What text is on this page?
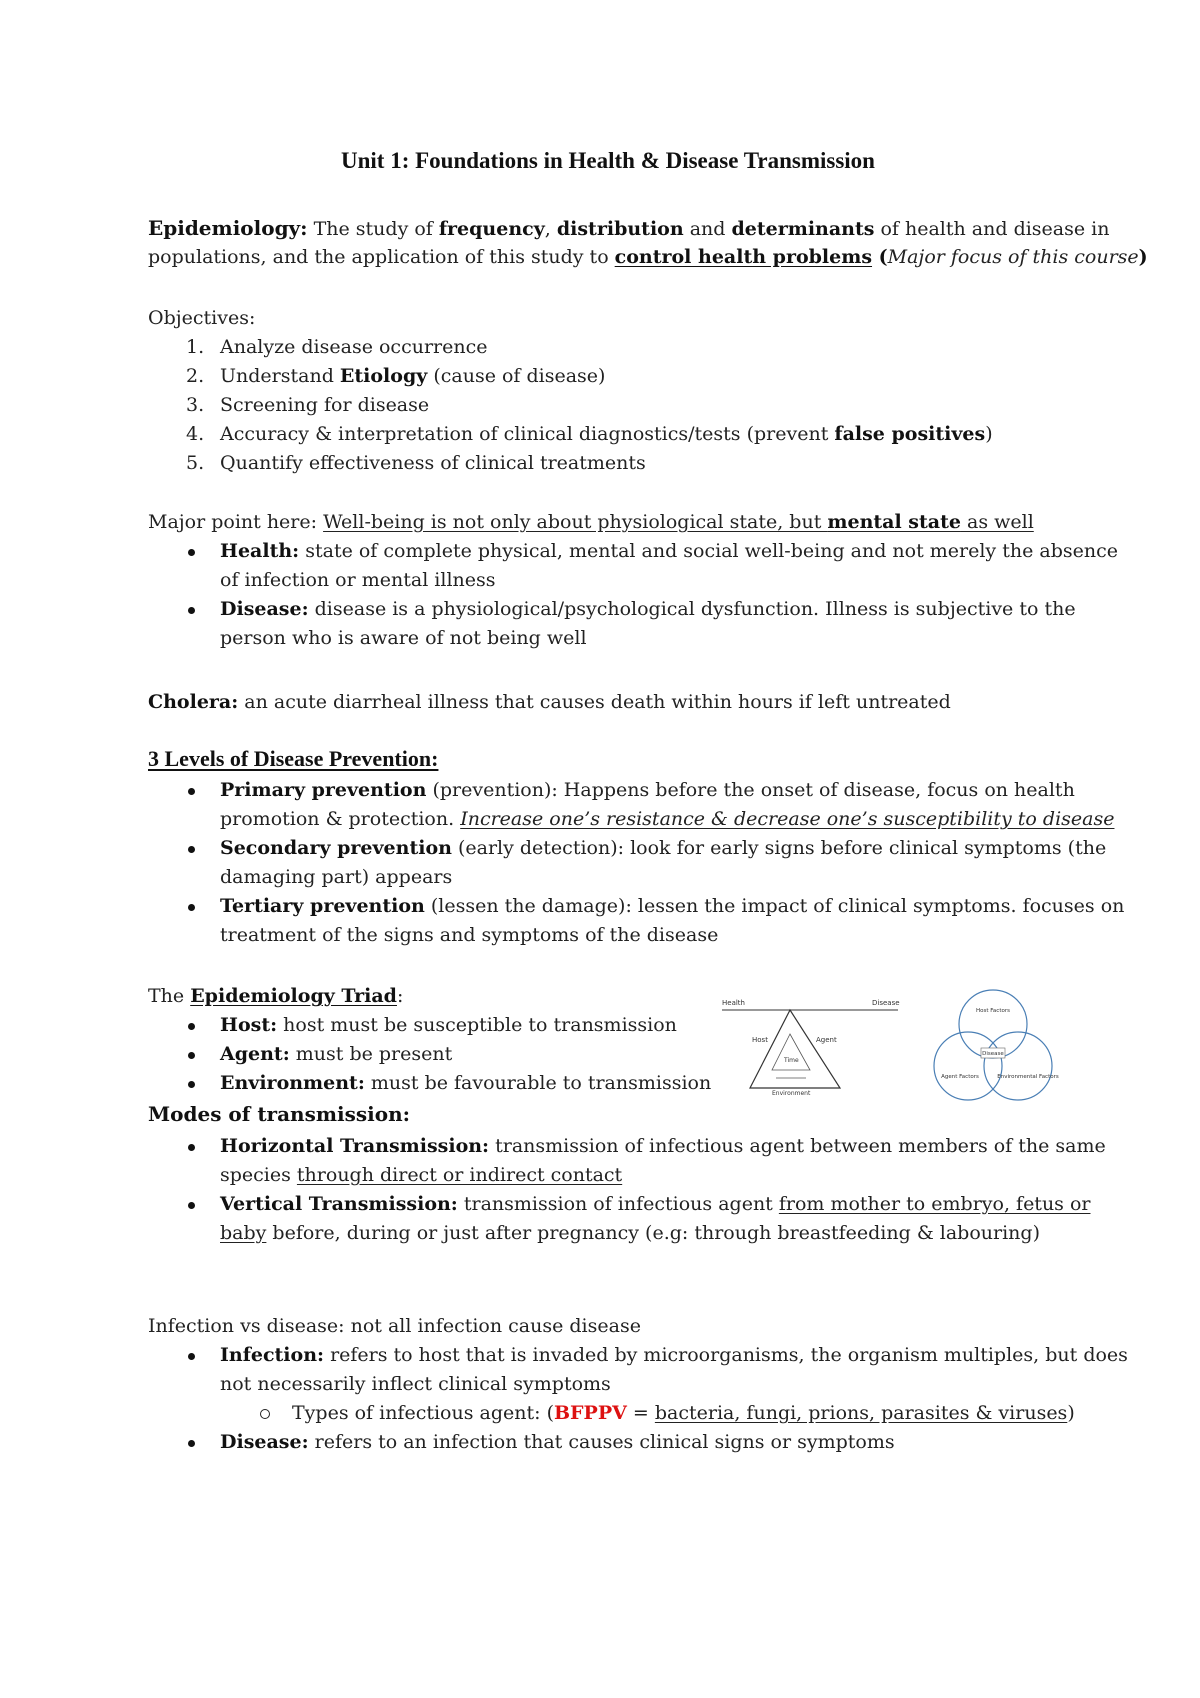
Unit 1: Foundations in Health & Disease Transmission
Epidemiology: The study of frequency, distribution and determinants of health and disease in
populations, and the application of this study to control health problems (Major focus of this course)
Objectives:
1. Analyze disease occurrence
2. Understand Etiology (cause of disease)
3. Screening for disease
4. Accuracy & interpretation of clinical diagnostics/tests (prevent false positives)
5. Quantify effectiveness of clinical treatments
Major point here: Well-being is not only about physiological state, but mental state as well
Health: state of complete physical, mental and social well-being and not merely the absence
of infection or mental illness
Disease: disease is a physiological/psychological dysfunction. Illness is subjective to the
person who is aware of not being well
Cholera: an acute diarrheal illness that causes death within hours if left untreated
3 Levels of Disease Prevention:
Primary prevention (prevention): Happens before the onset of disease, focus on health
promotion & protection. Increase one’s resistance & decrease one’s susceptibility to disease
Secondary prevention (early detection): look for early signs before clinical symptoms (the
damaging part) appears
Tertiary prevention (lessen the damage): lessen the impact of clinical symptoms. focuses on
treatment of the signs and symptoms of the disease
The Epidemiology Triad:
Host: host must be susceptible to transmission
Agent: must be present
Environment: must be favourable to transmission
Health	Disease
Host	Agent
Time
Environment
Host Factors
Agent Factors	Environmental Factors
Disease
Modes of transmission:
Horizontal Transmission: transmission of infectious agent between members of the same
species through direct or indirect contact
Vertical Transmission: transmission of infectious agent from mother to embryo, fetus or
baby before, during or just after pregnancy (e.g: through breastfeeding & labouring)
Infection vs disease: not all infection cause disease
Infection: refers to host that is invaded by microorganisms, the organism multiples, but does
not necessarily inflect clinical symptoms
Types of infectious agent: (BFPPV = bacteria, fungi, prions, parasites & viruses)
Disease: refers to an infection that causes clinical signs or symptoms
